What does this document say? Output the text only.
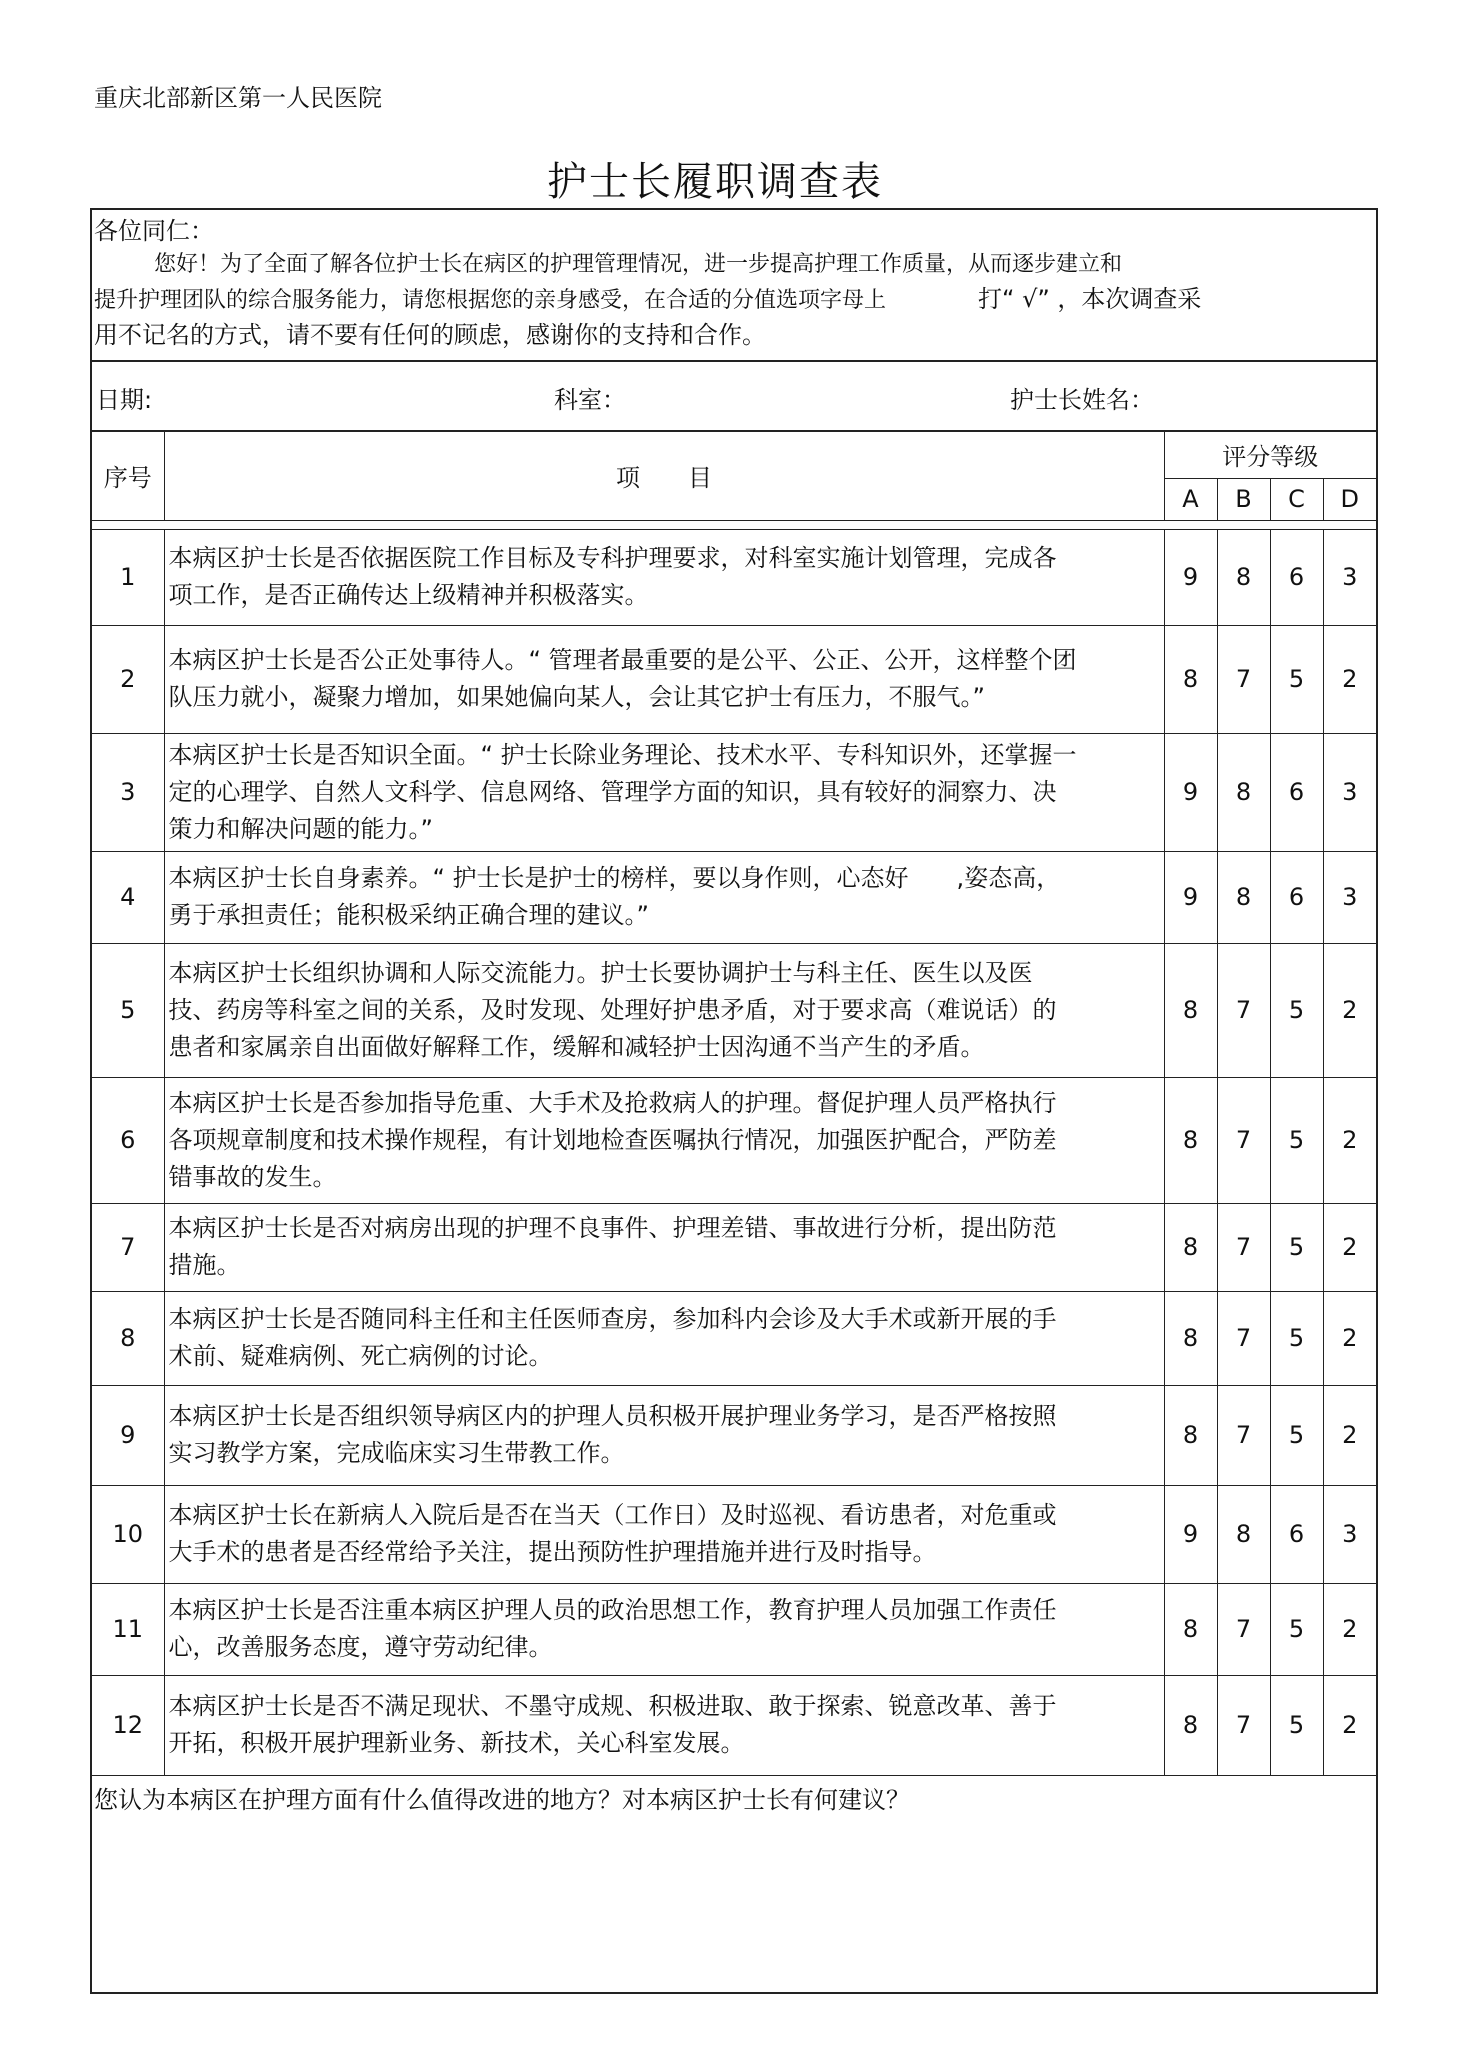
重庆北部新区第一人民医院
护士长履职调查表
各位同仁：
您好！为了全面了解各位护士长在病区的护理管理情况，进一步提高护理工作质量，从而逐步建立和
提升护理团队的综合服务能力，请您根据您的亲身感受，在合适的分值选项字母上	打“ √” ，本次调查采
用不记名的方式，请不要有任何的顾虑，感谢你的支持和合作。
日期:	科室：	护士长姓名：
序号	项　　目	评分等级			
		A	B	C	D

1	本病区护士长是否依据医院工作目标及专科护理要求，对科室实施计划管理，完成各项工作，是否正确传达上级精神并积极落实。	9	8	6	3
2	本病区护士长是否公正处事待人。“ 管理者最重要的是公平、公正、公开，这样整个团队压力就小，凝聚力增加，如果她偏向某人，会让其它护士有压力，不服气。”	8	7	5	2
3	本病区护士长是否知识全面。“ 护士长除业务理论、技术水平、专科知识外，还掌握一定的心理学、自然人文科学、信息网络、管理学方面的知识，具有较好的洞察力、决策力和解决问题的能力。”	9	8	6	3
4	本病区护士长自身素养。“ 护士长是护士的榜样，要以身作则，心态好　　,姿态高，勇于承担责任；能积极采纳正确合理的建议。”	9	8	6	3
5	本病区护士长组织协调和人际交流能力。护士长要协调护士与科主任、医生以及医技、药房等科室之间的关系，及时发现、处理好护患矛盾，对于要求高（难说话）的患者和家属亲自出面做好解释工作，缓解和减轻护士因沟通不当产生的矛盾。	8	7	5	2
6	本病区护士长是否参加指导危重、大手术及抢救病人的护理。督促护理人员严格执行各项规章制度和技术操作规程，有计划地检查医嘱执行情况，加强医护配合，严防差错事故的发生。	8	7	5	2
7	本病区护士长是否对病房出现的护理不良事件、护理差错、事故进行分析，提出防范措施。	8	7	5	2
8	本病区护士长是否随同科主任和主任医师查房，参加科内会诊及大手术或新开展的手术前、疑难病例、死亡病例的讨论。	8	7	5	2
9	本病区护士长是否组织领导病区内的护理人员积极开展护理业务学习，是否严格按照实习教学方案，完成临床实习生带教工作。	8	7	5	2
10	本病区护士长在新病人入院后是否在当天（工作日）及时巡视、看访患者，对危重或大手术的患者是否经常给予关注，提出预防性护理措施并进行及时指导。	9	8	6	3
11	本病区护士长是否注重本病区护理人员的政治思想工作，教育护理人员加强工作责任心，改善服务态度，遵守劳动纪律。	8	7	5	2
12	本病区护士长是否不满足现状、不墨守成规、积极进取、敢于探索、锐意改革、善于开拓，积极开展护理新业务、新技术，关心科室发展。	8	7	5	2
您认为本病区在护理方面有什么值得改进的地方？对本病区护士长有何建议？
